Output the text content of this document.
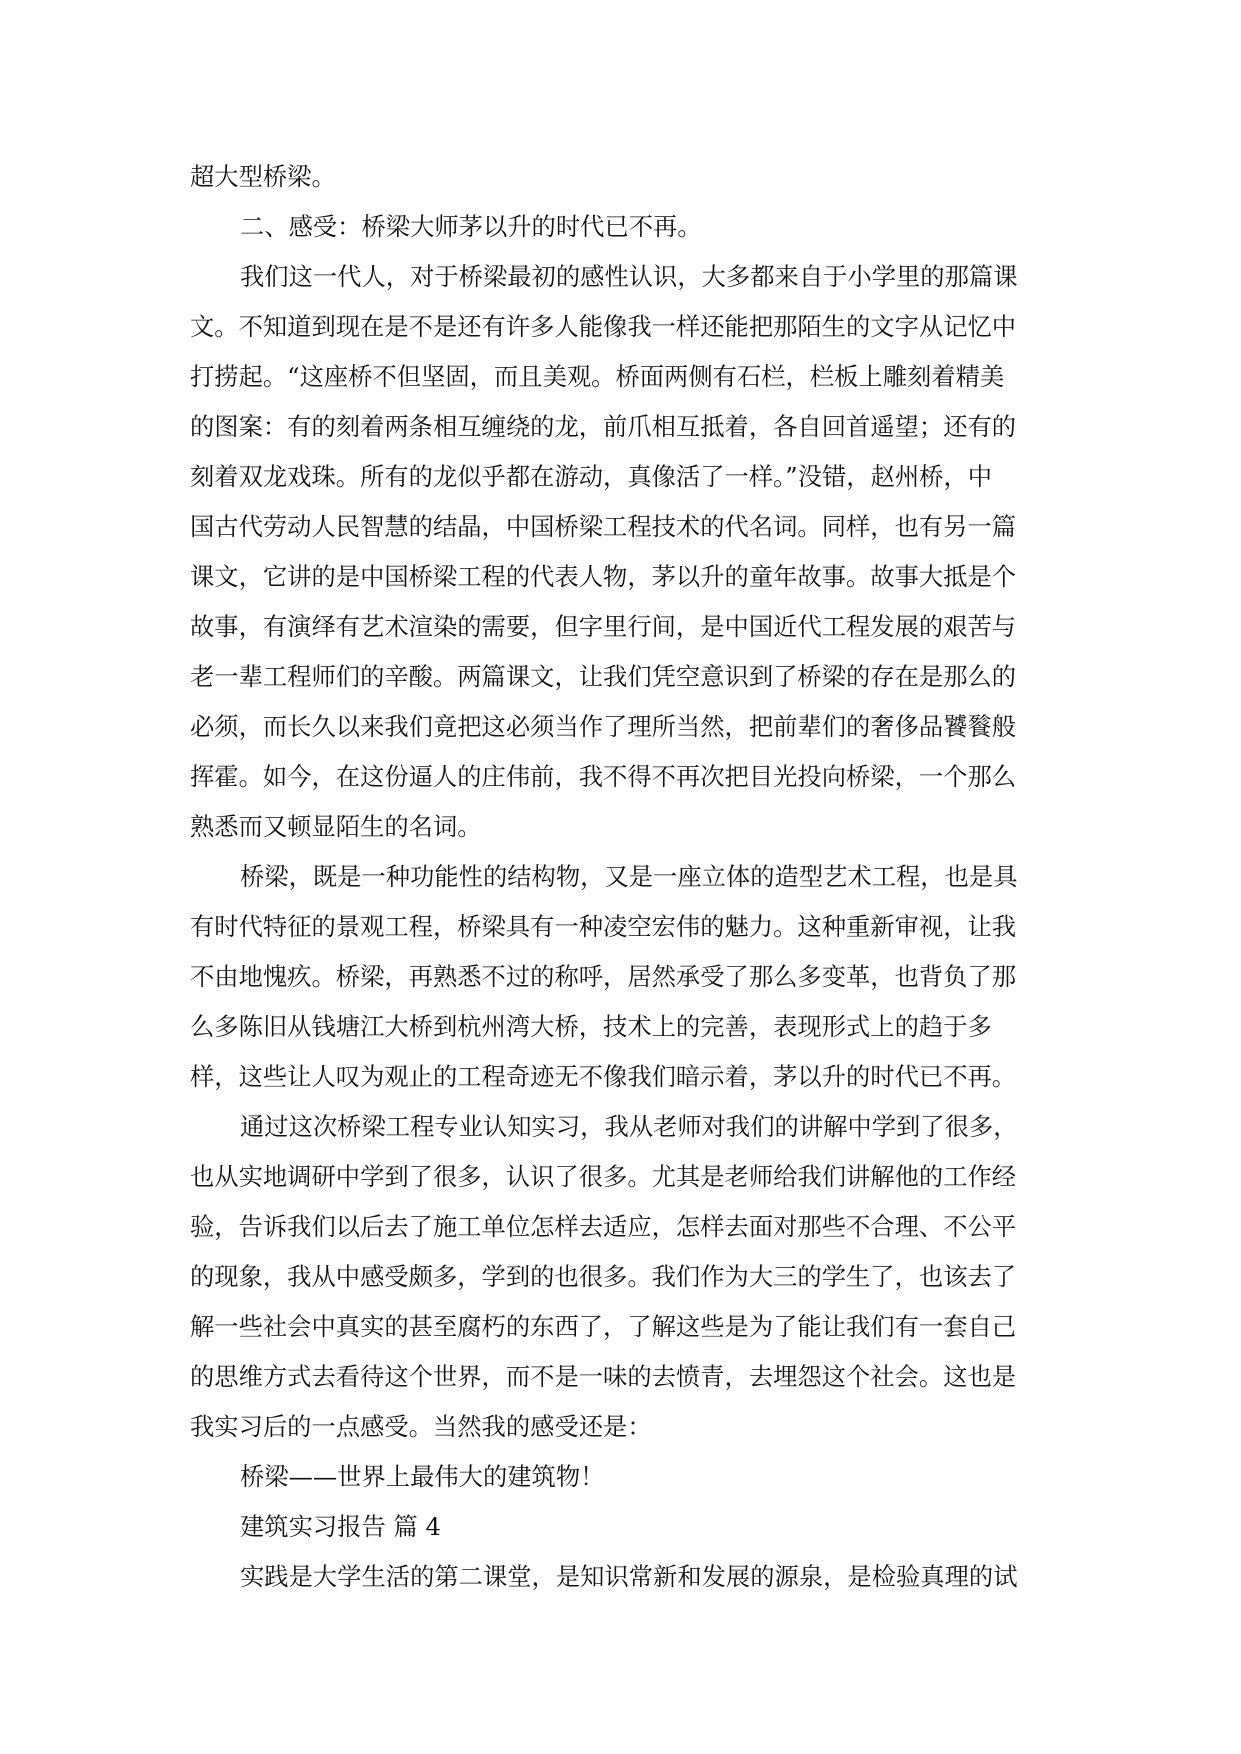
超大型桥梁。
二、感受：桥梁大师茅以升的时代已不再。
我们这一代人，对于桥梁最初的感性认识，大多都来自于小学里的那篇课
文。不知道到现在是不是还有许多人能像我一样还能把那陌生的文字从记忆中
打捞起。“这座桥不但坚固，而且美观。桥面两侧有石栏，栏板上雕刻着精美
的图案：有的刻着两条相互缠绕的龙，前爪相互抵着，各自回首遥望；还有的
刻着双龙戏珠。所有的龙似乎都在游动，真像活了一样。”没错，赵州桥，中
国古代劳动人民智慧的结晶，中国桥梁工程技术的代名词。同样，也有另一篇
课文，它讲的是中国桥梁工程的代表人物，茅以升的童年故事。故事大抵是个
故事，有演绎有艺术渲染的需要，但字里行间，是中国近代工程发展的艰苦与
老一辈工程师们的辛酸。两篇课文，让我们凭空意识到了桥梁的存在是那么的
必须，而长久以来我们竟把这必须当作了理所当然，把前辈们的奢侈品饕餮般
挥霍。如今，在这份逼人的庄伟前，我不得不再次把目光投向桥梁，一个那么
熟悉而又顿显陌生的名词。
桥梁，既是一种功能性的结构物，又是一座立体的造型艺术工程，也是具
有时代特征的景观工程，桥梁具有一种凌空宏伟的魅力。这种重新审视，让我
不由地愧疚。桥梁，再熟悉不过的称呼，居然承受了那么多变革，也背负了那
么多陈旧从钱塘江大桥到杭州湾大桥，技术上的完善，表现形式上的趋于多
样，这些让人叹为观止的工程奇迹无不像我们暗示着，茅以升的时代已不再。
通过这次桥梁工程专业认知实习，我从老师对我们的讲解中学到了很多，
也从实地调研中学到了很多，认识了很多。尤其是老师给我们讲解他的工作经
验，告诉我们以后去了施工单位怎样去适应，怎样去面对那些不合理、不公平
的现象，我从中感受颇多，学到的也很多。我们作为大三的学生了，也该去了
解一些社会中真实的甚至腐朽的东西了，了解这些是为了能让我们有一套自己
的思维方式去看待这个世界，而不是一味的去愤青，去埋怨这个社会。这也是
我实习后的一点感受。当然我的感受还是：
桥梁——世界上最伟大的建筑物！
建筑实习报告 篇 4
实践是大学生活的第二课堂，是知识常新和发展的源泉，是检验真理的试
